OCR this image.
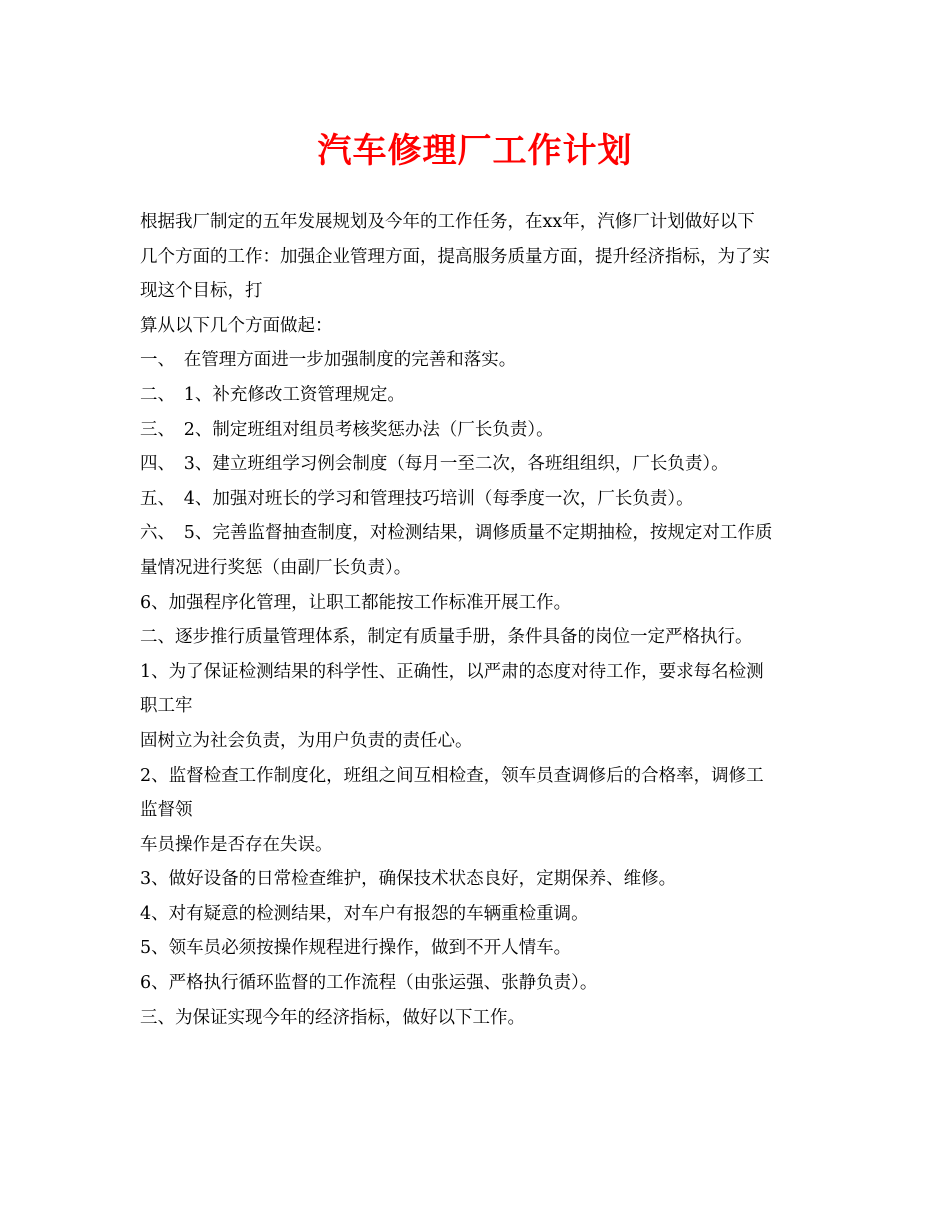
汽车修理厂工作计划
根据我厂制定的五年发展规划及今年的工作任务，在xx年，汽修厂计划做好以下
几个方面的工作：加强企业管理方面，提高服务质量方面，提升经济指标，为了实
现这个目标，打
算从以下几个方面做起：
一、　在管理方面进一步加强制度的完善和落实。
二、　1、补充修改工资管理规定。
三、　2、制定班组对组员考核奖惩办法（厂长负责）。
四、　3、建立班组学习例会制度（每月一至二次，各班组组织，厂长负责）。
五、　4、加强对班长的学习和管理技巧培训（每季度一次，厂长负责）。
六、　5、完善监督抽查制度，对检测结果，调修质量不定期抽检，按规定对工作质
量情况进行奖惩（由副厂长负责）。
6、加强程序化管理，让职工都能按工作标准开展工作。
二、逐步推行质量管理体系，制定有质量手册，条件具备的岗位一定严格执行。
1、为了保证检测结果的科学性、正确性，以严肃的态度对待工作，要求每名检测
职工牢
固树立为社会负责，为用户负责的责任心。
2、监督检查工作制度化，班组之间互相检查，领车员查调修后的合格率，调修工
监督领
车员操作是否存在失误。
3、做好设备的日常检查维护，确保技术状态良好，定期保养、维修。
4、对有疑意的检测结果，对车户有报怨的车辆重检重调。
5、领车员必须按操作规程进行操作，做到不开人情车。
6、严格执行循环监督的工作流程（由张运强、张静负责）。
三、为保证实现今年的经济指标，做好以下工作。
